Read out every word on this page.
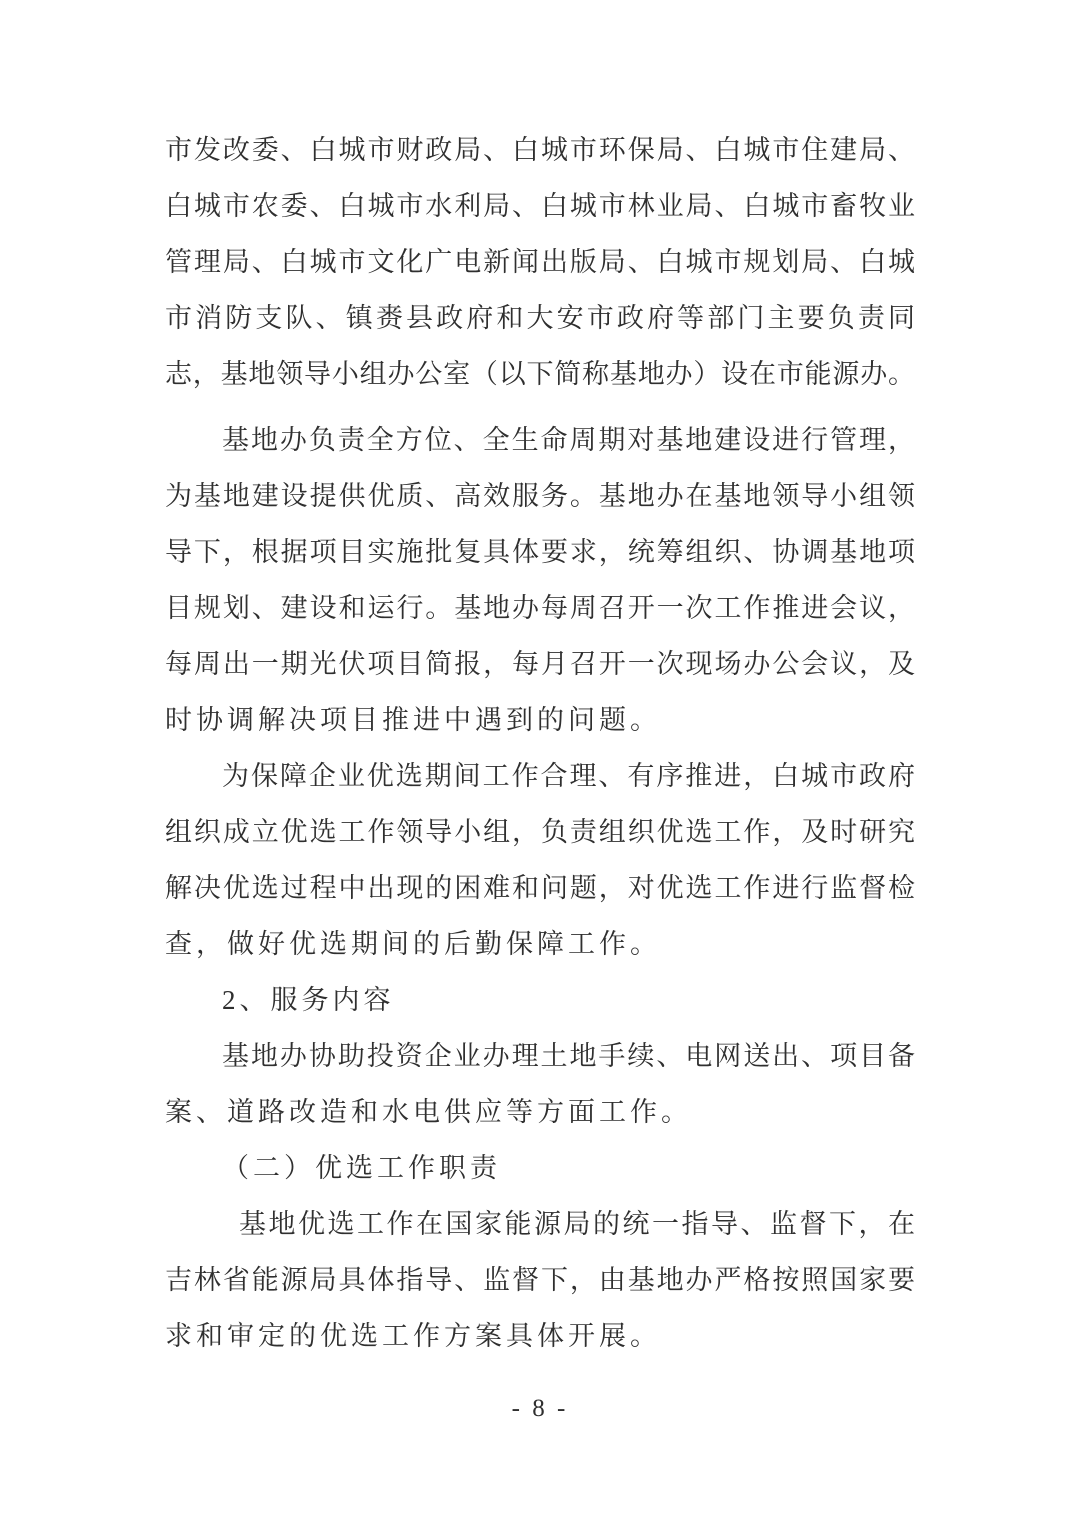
市发改委、白城市财政局、白城市环保局、白城市住建局、
白城市农委、白城市水利局、白城市林业局、白城市畜牧业
管理局、白城市文化广电新闻出版局、白城市规划局、白城
市消防支队、镇赉县政府和大安市政府等部门主要负责同
志，基地领导小组办公室（以下简称基地办）设在市能源办。
基地办负责全方位、全生命周期对基地建设进行管理，
为基地建设提供优质、高效服务。基地办在基地领导小组领
导下，根据项目实施批复具体要求，统筹组织、协调基地项
目规划、建设和运行。基地办每周召开一次工作推进会议，
每周出一期光伏项目简报，每月召开一次现场办公会议，及
时协调解决项目推进中遇到的问题。
为保障企业优选期间工作合理、有序推进，白城市政府
组织成立优选工作领导小组，负责组织优选工作，及时研究
解决优选过程中出现的困难和问题，对优选工作进行监督检
查，做好优选期间的后勤保障工作。
2、服务内容
基地办协助投资企业办理土地手续、电网送出、项目备
案、道路改造和水电供应等方面工作。
（二）优选工作职责
基地优选工作在国家能源局的统一指导、监督下，在
吉林省能源局具体指导、监督下，由基地办严格按照国家要
求和审定的优选工作方案具体开展。
- 8 -
